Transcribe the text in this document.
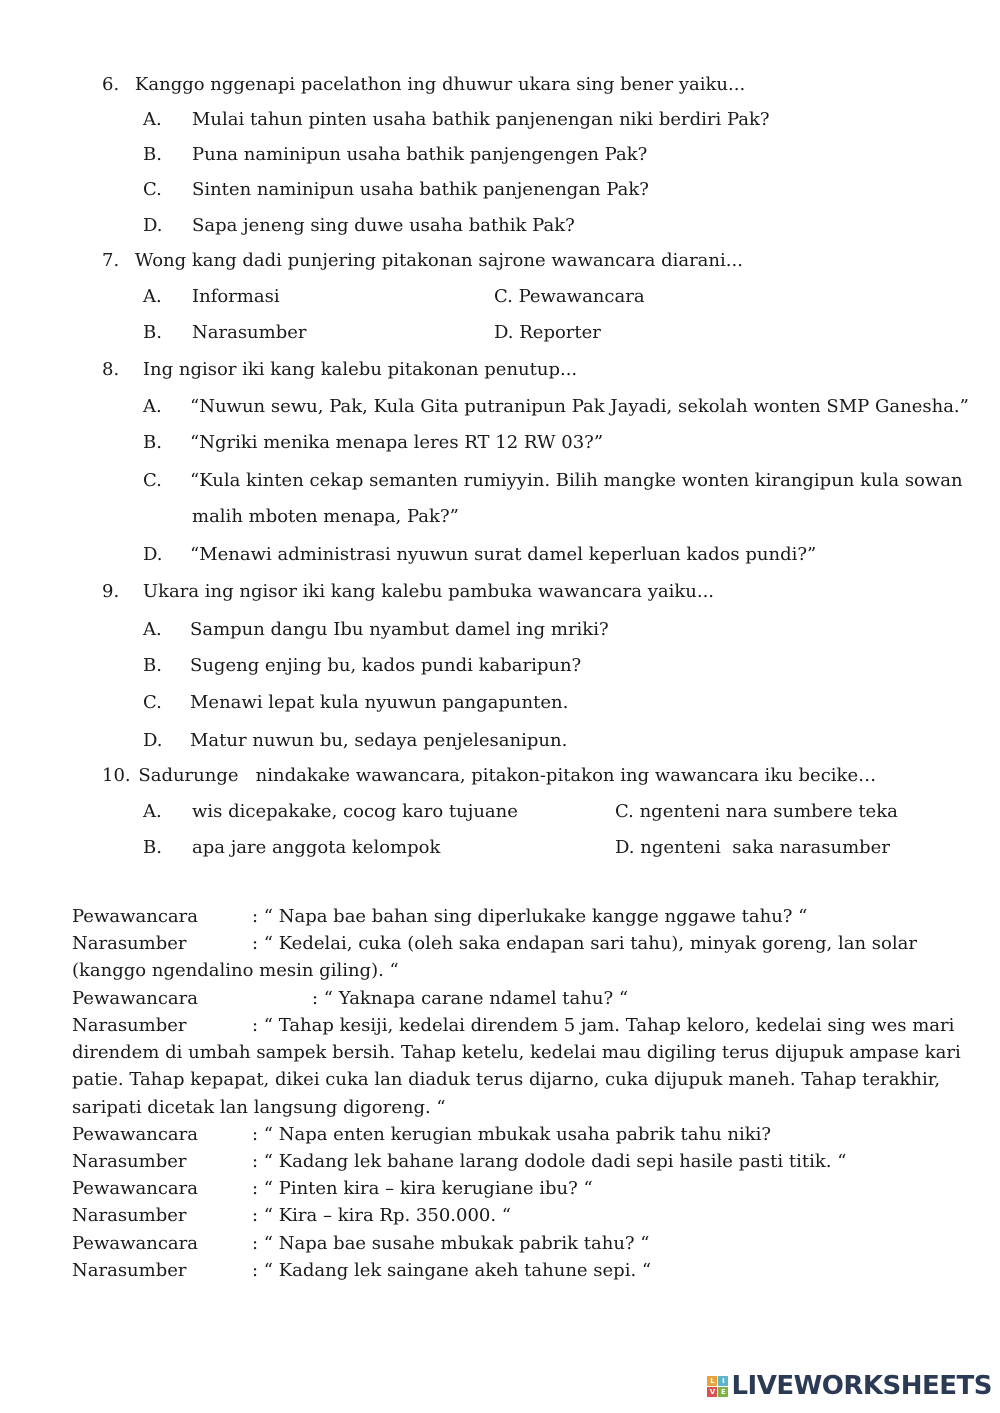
6. Kanggo nggenapi pacelathon ing dhuwur ukara sing bener yaiku...
A. Mulai tahun pinten usaha bathik panjenengan niki berdiri Pak?
B. Puna naminipun usaha bathik panjengengen Pak?
C. Sinten naminipun usaha bathik panjenengan Pak?
D. Sapa jeneng sing duwe usaha bathik Pak?
7. Wong kang dadi punjering pitakonan sajrone wawancara diarani...
A. Informasi	C. Pewawancara
B. Narasumber	D. Reporter
8. Ing ngisor iki kang kalebu pitakonan penutup...
A. “Nuwun sewu, Pak, Kula Gita putranipun Pak Jayadi, sekolah wonten SMP Ganesha.”
B. “Ngriki menika menapa leres RT 12 RW 03?”
C. “Kula kinten cekap semanten rumiyyin. Bilih mangke wonten kirangipun kula sowan
malih mboten menapa, Pak?”
D. “Menawi administrasi nyuwun surat damel keperluan kados pundi?”
9. Ukara ing ngisor iki kang kalebu pambuka wawancara yaiku...
A. Sampun dangu Ibu nyambut damel ing mriki?
B. Sugeng enjing bu, kados pundi kabaripun?
C. Menawi lepat kula nyuwun pangapunten.
D. Matur nuwun bu, sedaya penjelesanipun.
10. Sadurunge   nindakake wawancara, pitakon-pitakon ing wawancara iku becike…
A. wis dicepakake, cocog karo tujuane	C. ngenteni nara sumbere teka
B. apa jare anggota kelompok	D. ngenteni  saka narasumber
Pewawancara	: “ Napa bae bahan sing diperlukake kangge nggawe tahu? “
Narasumber	: “ Kedelai, cuka (oleh saka endapan sari tahu), minyak goreng, lan solar
(kanggo ngendalino mesin giling). “
Pewawancara	: “ Yaknapa carane ndamel tahu? “
Narasumber	: “ Tahap kesiji, kedelai direndem 5 jam. Tahap keloro, kedelai sing wes mari
direndem di umbah sampek bersih. Tahap ketelu, kedelai mau digiling terus dijupuk ampase kari
patie. Tahap kepapat, dikei cuka lan diaduk terus dijarno, cuka dijupuk maneh. Tahap terakhir,
saripati dicetak lan langsung digoreng. “
Pewawancara	: “ Napa enten kerugian mbukak usaha pabrik tahu niki?
Narasumber	: “ Kadang lek bahane larang dodole dadi sepi hasile pasti titik. “
Pewawancara	: “ Pinten kira – kira kerugiane ibu? “
Narasumber	: “ Kira – kira Rp. 350.000. “
Pewawancara	: “ Napa bae susahe mbukak pabrik tahu? “
Narasumber	: “ Kadang lek saingane akeh tahune sepi. “
L	I
V E LIVEWORKSHEETS
